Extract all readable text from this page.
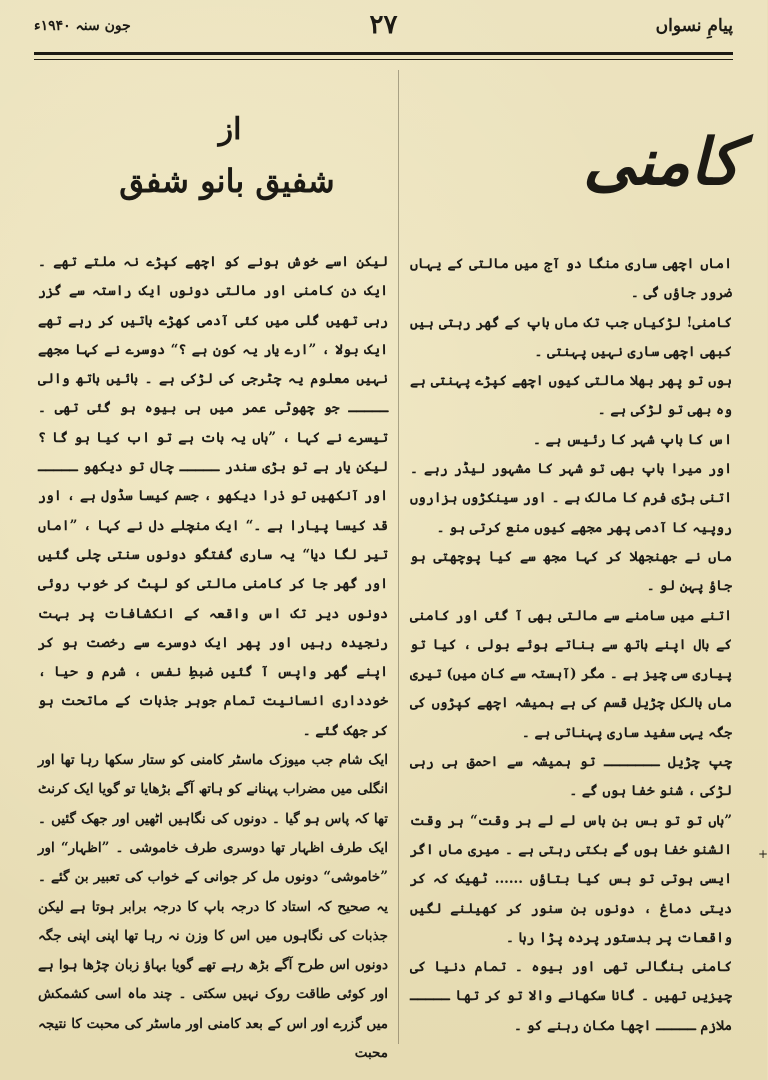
پیامِ نسواں
۲۷
جون سنہ ۱۹۴۰ء
کامنی
از
شفیق بانو شفق

اماں اچھی ساری منگا دو آج میں مالتی کے یہاں ضرور جاؤں گی ۔

کامنی! لڑکیاں جب تک ماں باپ کے گھر رہتی ہیں کبھی اچھی ساری نہیں پہنتی ۔

ہوں تو پھر بھلا مالتی کیوں اچھے کپڑے پہنتی ہے وہ بھی تو لڑکی ہے ۔

اس کا باپ شہر کا رئیس ہے ۔

اور میرا باپ بھی تو شہر کا مشہور لیڈر رہے ۔ اتنی بڑی فرم کا مالک ہے ۔ اور سینکڑوں ہزاروں روپیہ کا آدمی پھر مجھے کیوں منع کرتی ہو ۔

ماں نے جھنجھلا کر کہا مجھ سے کیا پوچھتی ہو جاؤ پہن لو ۔

اتنے میں سامنے سے مالتی بھی آ گئی اور کامنی کے بال اپنے ہاتھ سے بناتے ہوئے بولی ، کیا تو پیاری سی چیز ہے ۔ مگر (آہستہ سے کان میں) تیری ماں بالکل چڑیل قسم کی ہے ہمیشہ اچھے کپڑوں کی جگہ یہی سفید ساری پہناتی ہے ۔

چپ چڑیل ـــــــ تو ہمیشہ سے احمق ہی رہی لڑکی ، شنو خفا ہوں گے ۔

”ہاں تو تو بس بن باس لے لے ہر وقت“ ہر وقت الشنو خفا ہوں گے بکتی رہتی ہے ۔ میری ماں اگر ایسی ہوتی تو بس کیا بتاؤں ...... ٹھیک کہ کر دیتی دماغ ، دونوں بن سنور کر کھیلنے لگیں واقعات پر بدستور پردہ پڑا رہا ۔

کامنی بنگالی تھی اور بیوہ ۔ تمام دنیا کی چیزیں تھیں ۔ گانا سکھانے والا تو کر تھا ـــــ ملازم ـــــ اچھا مکان رہنے کو ۔

لیکن اسے خوش ہونے کو اچھے کپڑے نہ ملتے تھے ۔ ایک دن کامنی اور مالتی دونوں ایک راستہ سے گزر رہی تھیں گلی میں کئی آدمی کھڑے باتیں کر رہے تھے ایک بولا ، ”ارے یار یہ کون ہے ؟“ دوسرے نے کہا مجھے نہیں معلوم یہ چٹرجی کی لڑکی ہے ۔ بائیں ہاتھ والی ـــــ جو چھوٹی عمر میں ہی بیوہ ہو گئی تھی ۔ تیسرے نے کہا ، ”ہاں یہ بات ہے تو اب کیا ہو گا ؟ لیکن یار ہے تو بڑی سندر ـــــ چال تو دیکھو ـــــ اور آنکھیں تو ذرا دیکھو ، جسم کیسا سڈول ہے ، اور قد کیسا پیارا ہے ۔“ ایک منچلے دل نے کہا ، ”اماں تیر لگا دیا“ یہ ساری گفتگو دونوں سنتی چلی گئیں اور گھر جا کر کامنی مالتی کو لپٹ کر خوب روئی دونوں دیر تک اس واقعہ کے انکشافات پر بہت رنجیدہ رہیں اور پھر ایک دوسرے سے رخصت ہو کر اپنے گھر واپس آ گئیں ضبطِ نفس ، شرم و حیا ، خودداری انسانیت تمام جوہر جذبات کے ماتحت ہو کر جھک گئے ۔

ایک شام جب میوزک ماسٹر کامنی کو ستار سکھا رہا تھا اور انگلی میں مضراب پہنانے کو ہاتھ آگے بڑھایا تو گویا ایک کرنٹ تھا کہ پاس ہو گیا ۔ دونوں کی نگاہیں اٹھیں اور جھک گئیں ۔ ایک طرف اظہار تھا دوسری طرف خاموشی ۔ ”اظہار“ اور ”خاموشی“ دونوں مل کر جوانی کے خواب کی تعبیر بن گئے ۔ یہ صحیح کہ استاد کا درجہ باپ کا درجہ برابر ہوتا ہے لیکن جذبات کی نگاہوں میں اس کا وزن نہ رہا تھا اپنی اپنی جگہ دونوں اس طرح آگے بڑھ رہے تھے گویا بہاؤ زبان چڑھا ہوا ہے اور کوئی طاقت روک نہیں سکتی ۔ چند ماہ اسی کشمکش میں گزرے اور اس کے بعد کامنی اور ماسٹر کی محبت کا نتیجہ محبت

+
